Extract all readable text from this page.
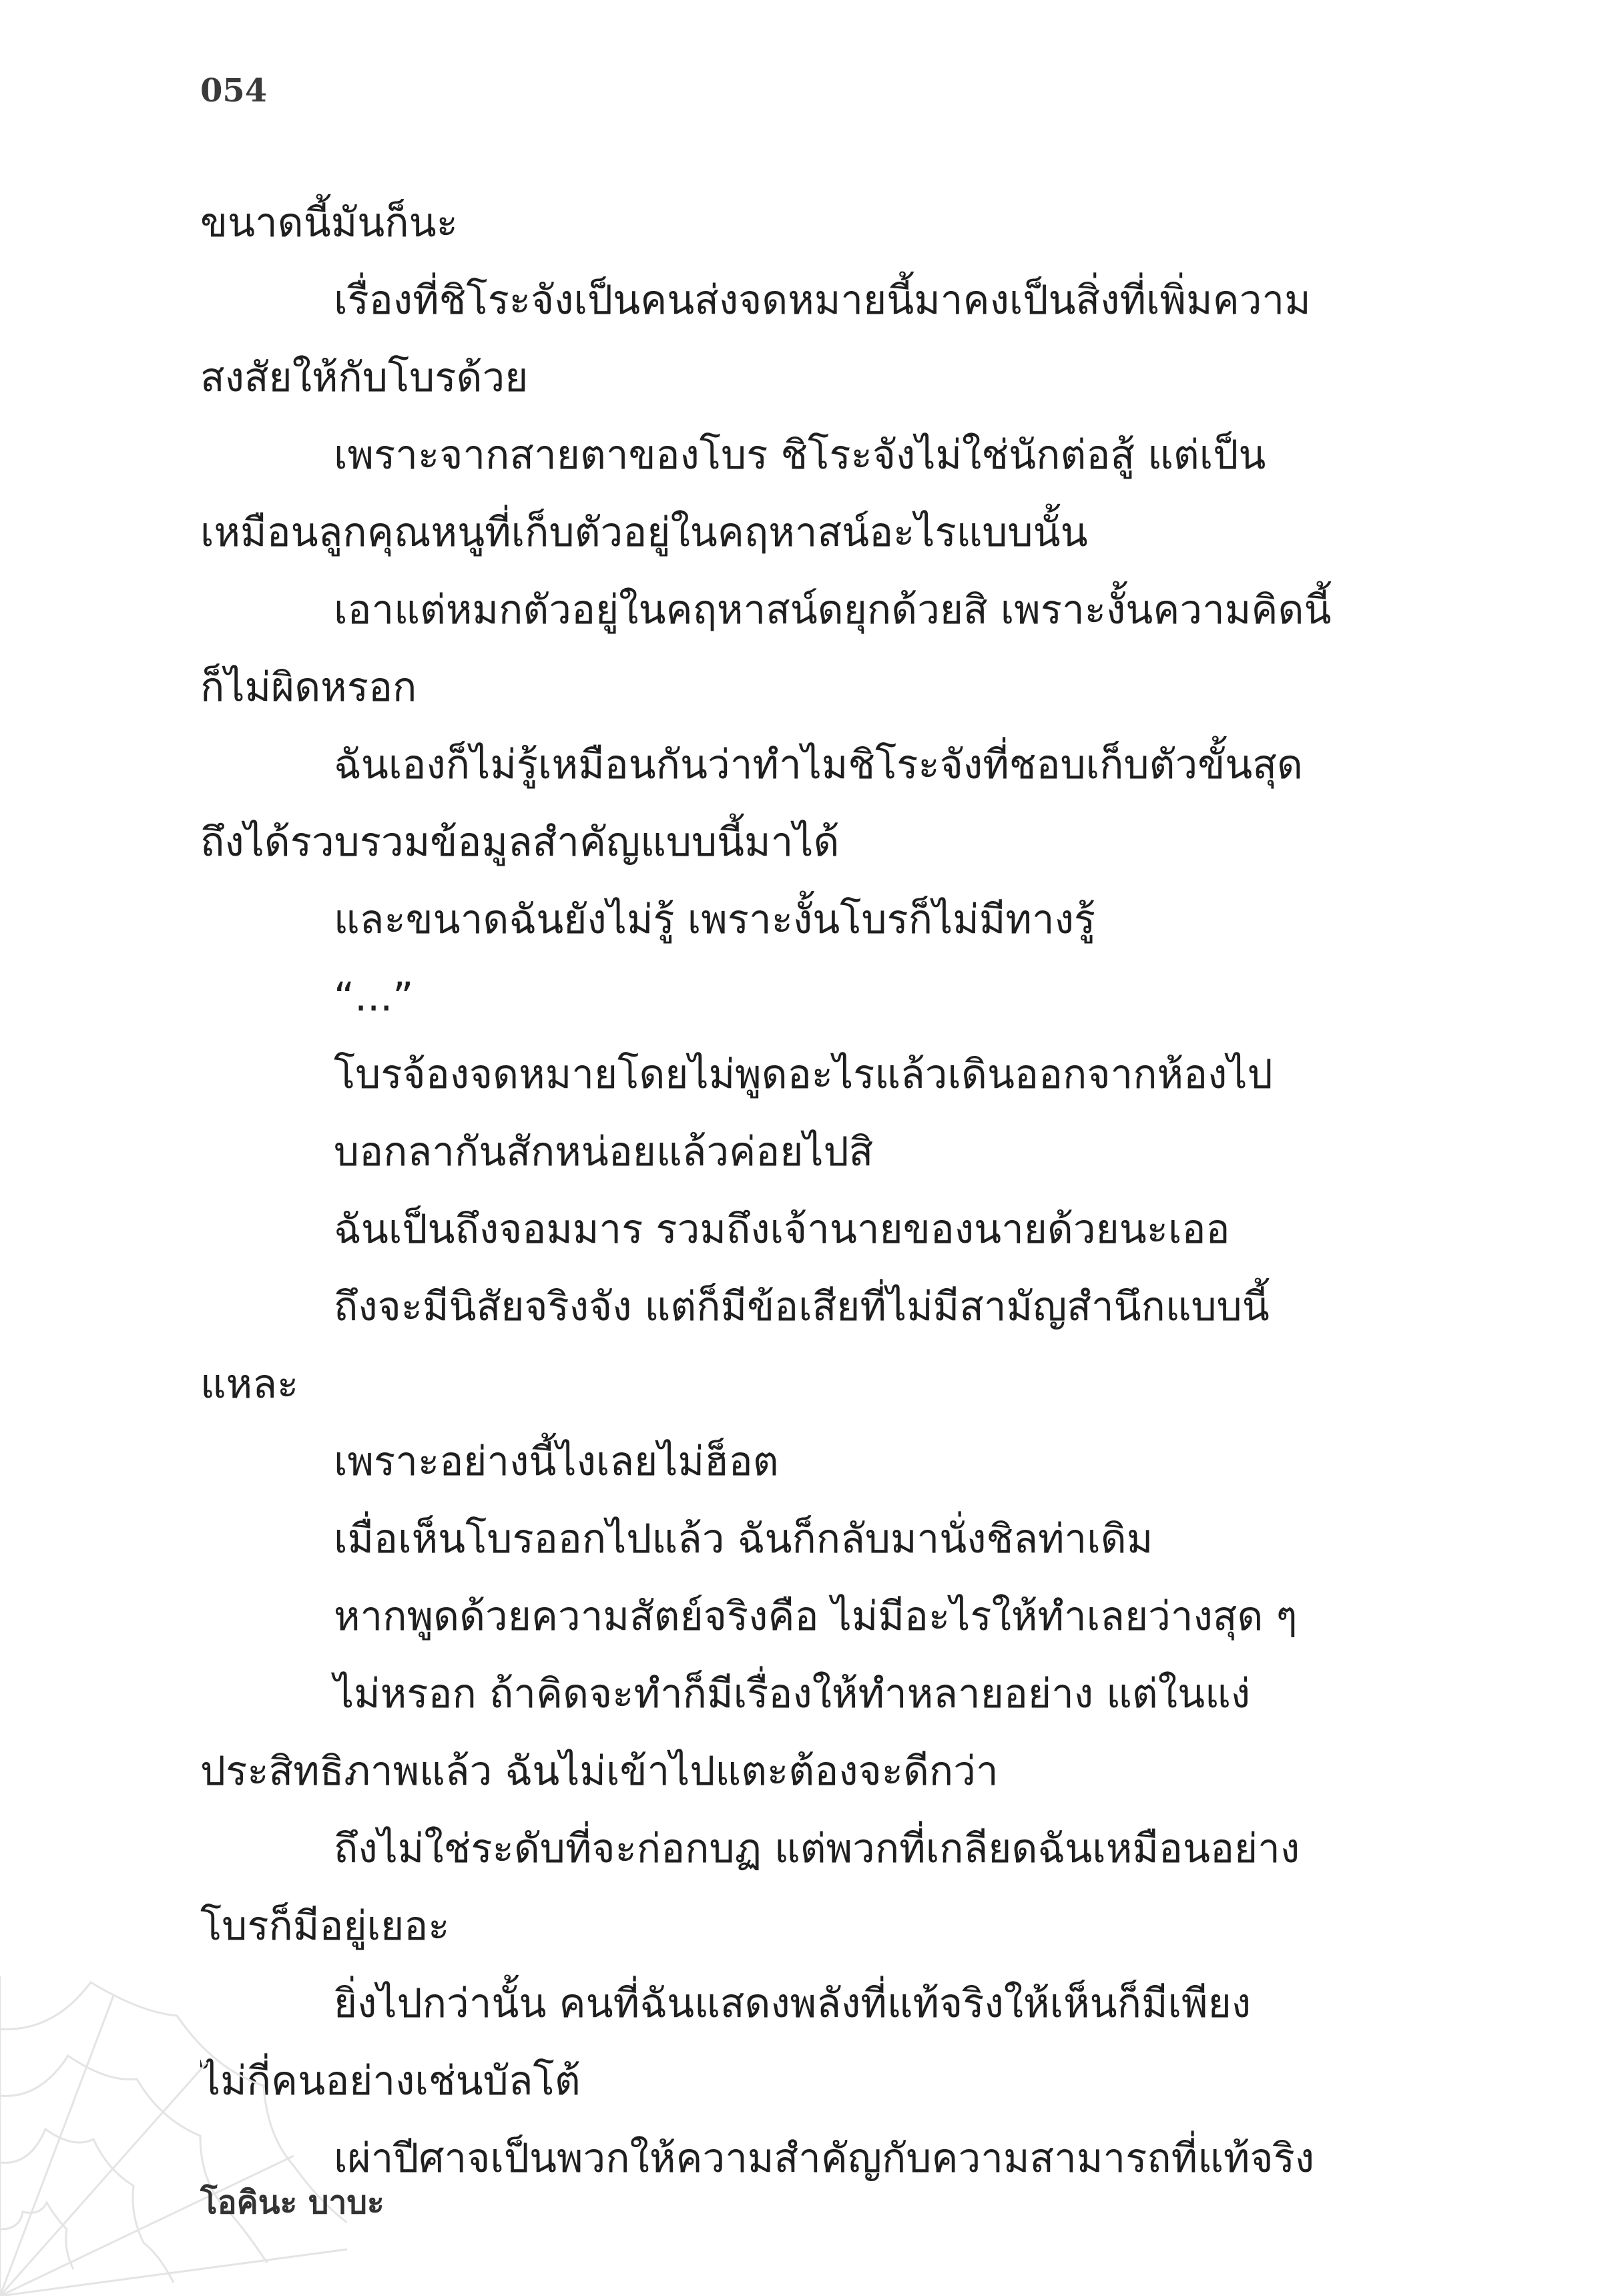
054
ขนาดนี้มันก็นะ
เรื่องที่ชิโระจังเป็นคนส่งจดหมายนี้มาคงเป็นสิ่งที่เพิ่มความ
สงสัยให้กับโบรด้วย
เพราะจากสายตาของโบร ชิโระจังไม่ใช่นักต่อสู้ แต่เป็น
เหมือนลูกคุณหนูที่เก็บตัวอยู่ในคฤหาสน์อะไรแบบนั้น
เอาแต่หมกตัวอยู่ในคฤหาสน์ดยุกด้วยสิ เพราะงั้นความคิดนี้
ก็ไม่ผิดหรอก
ฉันเองก็ไม่รู้เหมือนกันว่าทำไมชิโระจังที่ชอบเก็บตัวขั้นสุด
ถึงได้รวบรวมข้อมูลสำคัญแบบนี้มาได้
และขนาดฉันยังไม่รู้ เพราะงั้นโบรก็ไม่มีทางรู้
“...”
โบรจ้องจดหมายโดยไม่พูดอะไรแล้วเดินออกจากห้องไป
บอกลากันสักหน่อยแล้วค่อยไปสิ
ฉันเป็นถึงจอมมาร รวมถึงเจ้านายของนายด้วยนะเออ
ถึงจะมีนิสัยจริงจัง แต่ก็มีข้อเสียที่ไม่มีสามัญสำนึกแบบนี้
แหละ
เพราะอย่างนี้ไงเลยไม่ฮ็อต
เมื่อเห็นโบรออกไปแล้ว ฉันก็กลับมานั่งชิลท่าเดิม
หากพูดด้วยความสัตย์จริงคือ ไม่มีอะไรให้ทำเลยว่างสุด ๆ
ไม่หรอก ถ้าคิดจะทำก็มีเรื่องให้ทำหลายอย่าง แต่ในแง่
ประสิทธิภาพแล้ว ฉันไม่เข้าไปแตะต้องจะดีกว่า
ถึงไม่ใช่ระดับที่จะก่อกบฏ แต่พวกที่เกลียดฉันเหมือนอย่าง
โบรก็มีอยู่เยอะ
ยิ่งไปกว่านั้น คนที่ฉันแสดงพลังที่แท้จริงให้เห็นก็มีเพียง
ไม่กี่คนอย่างเช่นบัลโต้
เผ่าปีศาจเป็นพวกให้ความสำคัญกับความสามารถที่แท้จริง
โอคินะ บาบะ
